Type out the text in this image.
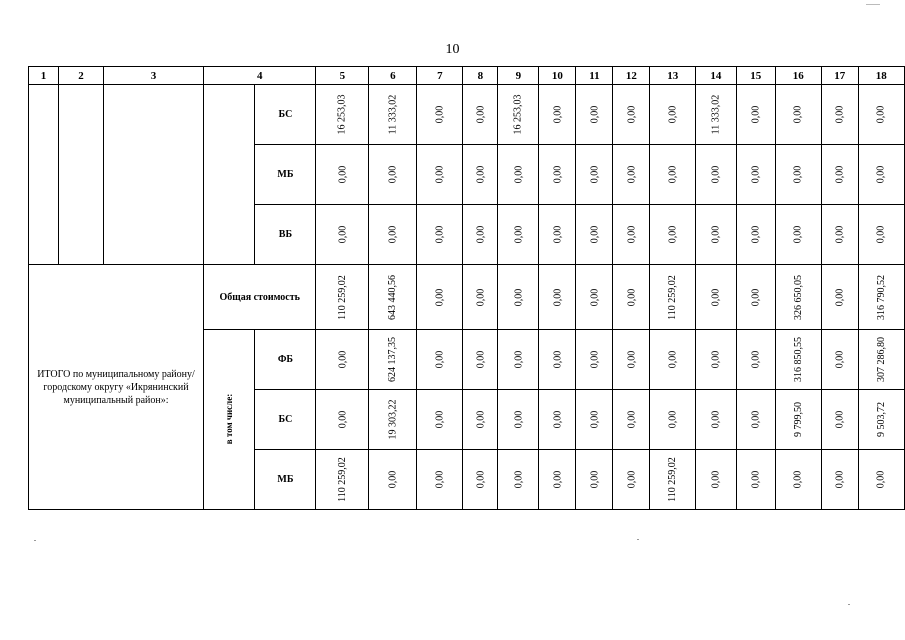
10
1	2	3	4		5	6	7	8	9	10	11	12	13	14	15	16	17	18
				БС	16 253,03	11 333,02	0,00	0,00	16 253,03	0,00	0,00	0,00	0,00	11 333,02	0,00	0,00	0,00	0,00
				МБ	0,00	0,00	0,00	0,00	0,00	0,00	0,00	0,00	0,00	0,00	0,00	0,00	0,00	0,00
				ВБ	0,00	0,00	0,00	0,00	0,00	0,00	0,00	0,00	0,00	0,00	0,00	0,00	0,00	0,00
ИТОГО по муниципальному району/городскому округу «Икрянинский муниципальный район»:			Общая стоимость		110 259,02	643 440,56	0,00	0,00	0,00	0,00	0,00	0,00	110 259,02	0,00	0,00	326 650,05	0,00	316 790,52
			в том числе:	ФБ	0,00	624 137,35	0,00	0,00	0,00	0,00	0,00	0,00	0,00	0,00	0,00	316 850,55	0,00	307 286,80
				БС	0,00	19 303,22	0,00	0,00	0,00	0,00	0,00	0,00	0,00	0,00	0,00	9 799,50	0,00	9 503,72
				МБ	110 259,02	0,00	0,00	0,00	0,00	0,00	0,00	0,00	110 259,02	0,00	0,00	0,00	0,00	0,00
